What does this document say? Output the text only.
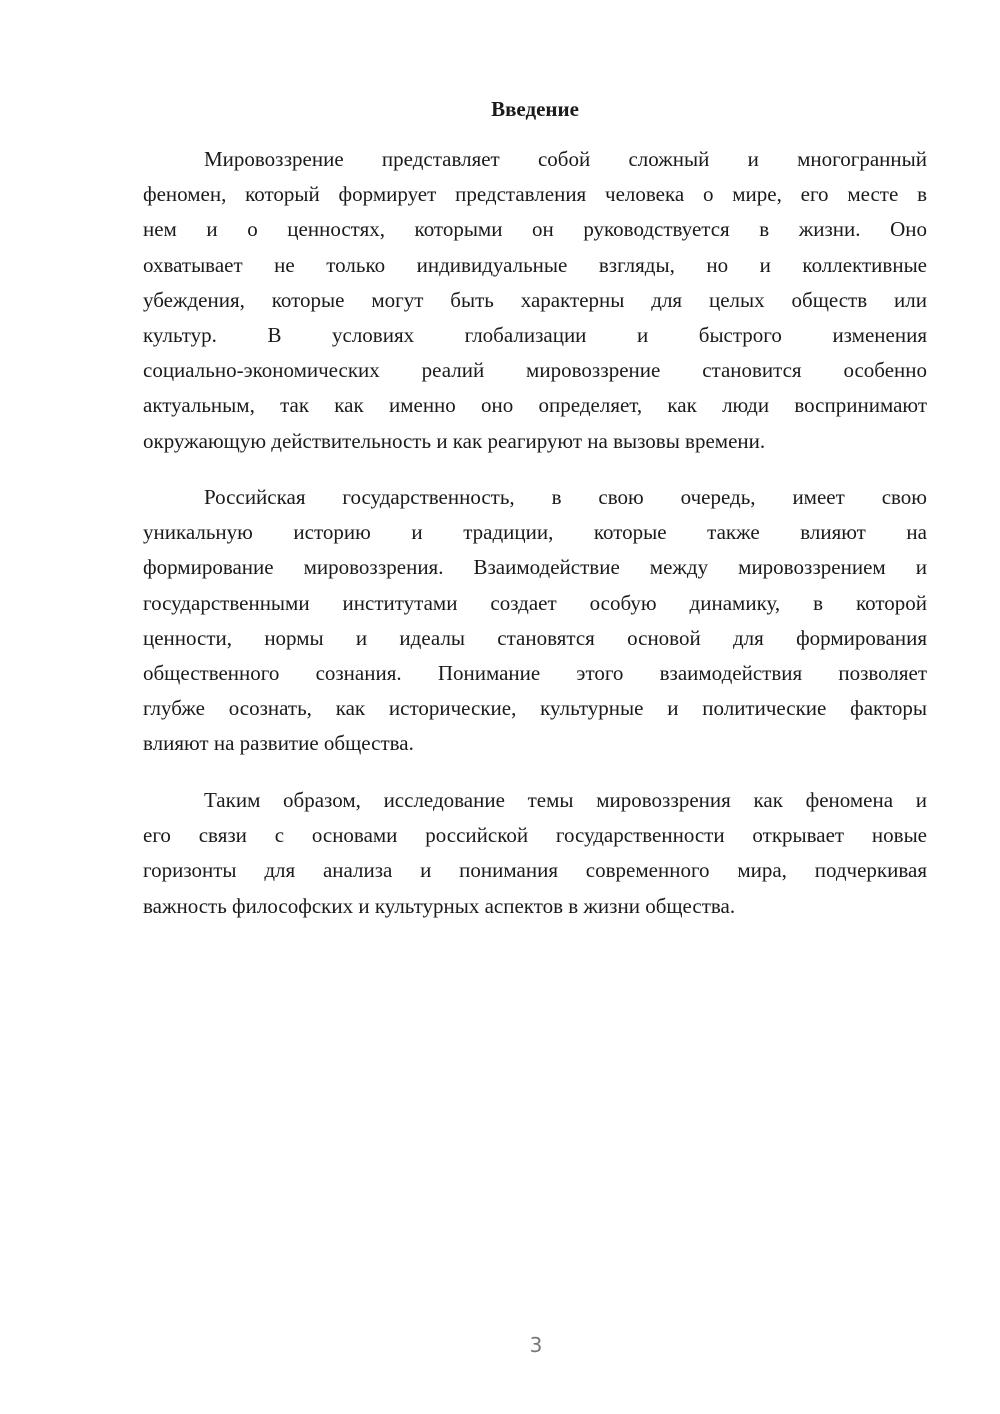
Введение
Мировоззрение представляет собой сложный и многогранный
феномен, который формирует представления человека о мире, его месте в
нем и о ценностях, которыми он руководствуется в жизни. Оно
охватывает не только индивидуальные взгляды, но и коллективные
убеждения, которые могут быть характерны для целых обществ или
культур. В условиях глобализации и быстрого изменения
социально-экономических реалий мировоззрение становится особенно
актуальным, так как именно оно определяет, как люди воспринимают
окружающую действительность и как реагируют на вызовы времени.
Российская государственность, в свою очередь, имеет свою
уникальную историю и традиции, которые также влияют на
формирование мировоззрения. Взаимодействие между мировоззрением и
государственными институтами создает особую динамику, в которой
ценности, нормы и идеалы становятся основой для формирования
общественного сознания. Понимание этого взаимодействия позволяет
глубже осознать, как исторические, культурные и политические факторы
влияют на развитие общества.
Таким образом, исследование темы мировоззрения как феномена и
его связи с основами российской государственности открывает новые
горизонты для анализа и понимания современного мира, подчеркивая
важность философских и культурных аспектов в жизни общества.
3
